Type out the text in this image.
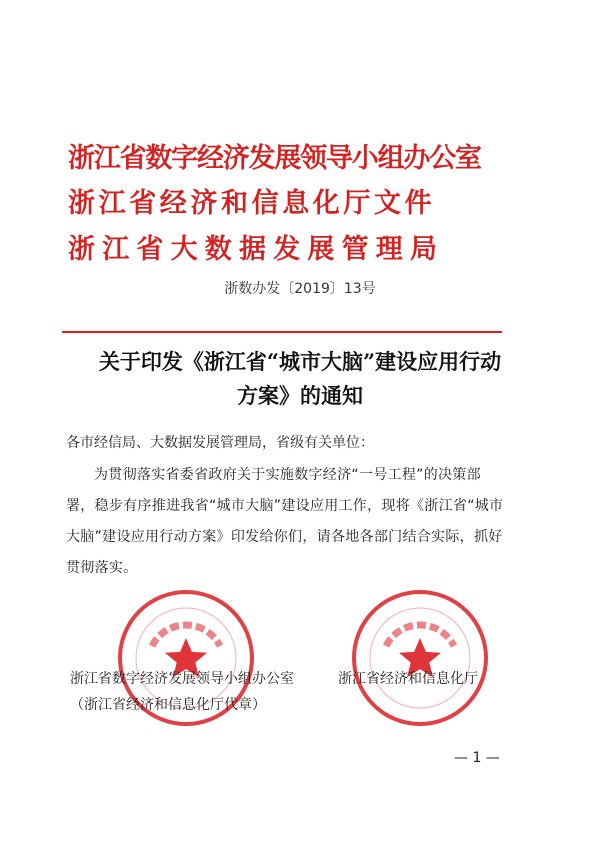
浙江省数字经济发展领导小组办公室
浙江省经济和信息化厅文件
浙江省大数据发展管理局
浙数办发〔2019〕13号
关于印发《浙江省“城市大脑”建设应用行动
方案》的通知
各市经信局、大数据发展管理局，省级有关单位：
为贯彻落实省委省政府关于实施数字经济“一号工程”的决策部署，稳步有序推进我省“城市大脑”建设应用工作，现将《浙江省“城市大脑”建设应用行动方案》印发给你们，请各地各部门结合实际，抓好贯彻落实。
浙江省数字经济发展领导小组办公室	浙江省经济和信息化厅
（浙江省经济和信息化厅代章）
— 1 —
